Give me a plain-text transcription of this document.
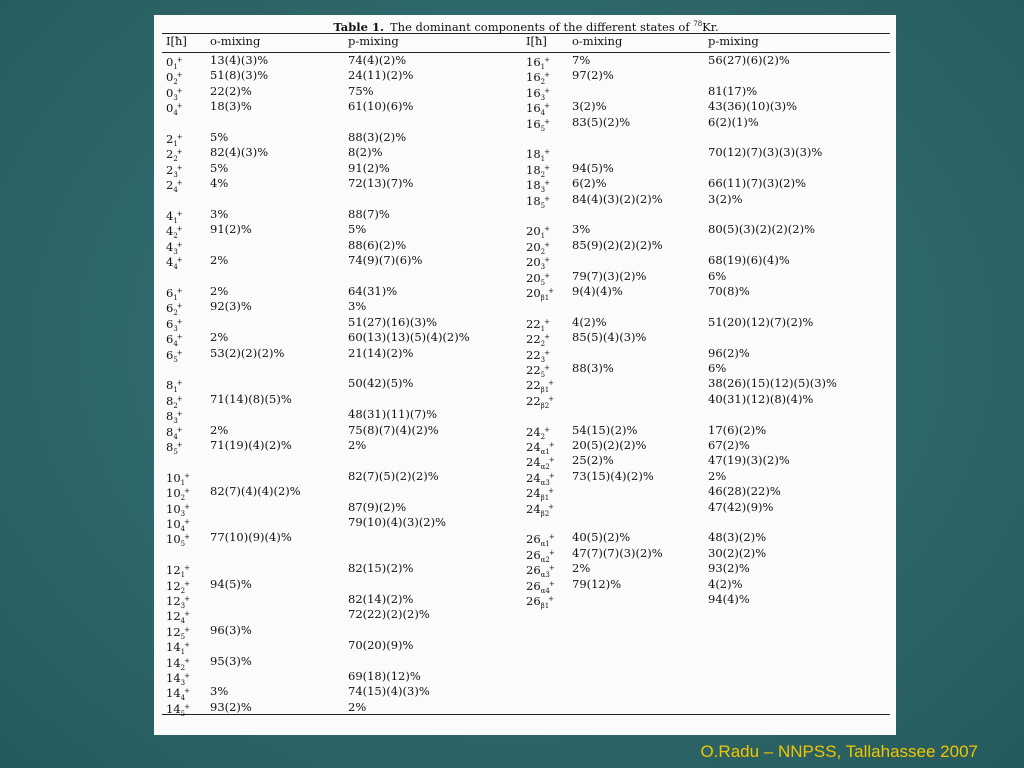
Table 1. The dominant components of the different states of $^{78}$Kr.
I[ħ] o-mixing	p-mixing	I[ħ] o-mixing	p-mixing
$0_1^+$ 13(4)(3)%	74(4)(2)%	$16_1^+$ 7%	56(27)(6)(2)%
$0_2^+$ 51(8)(3)%	24(11)(2)%	$16_2^+$ 97(2)%
$0_3^+$ 22(2)%	75%	$16_3^+$	81(17)%
$0_4^+$ 18(3)%	61(10)(6)%	$16_4^+$ 3(2)%	43(36)(10)(3)%
$16_5^+$ 83(5)(2)%	6(2)(1)%
$2_1^+$ 5%	88(3)(2)%
$2_2^+$ 82(4)(3)%	8(2)%	$18_1^+$	70(12)(7)(3)(3)(3)%
$2_3^+$ 5%	91(2)%	$18_2^+$ 94(5)%
$2_4^+$ 4%	72(13)(7)%	$18_3^+$ 6(2)%	66(11)(7)(3)(2)%
$18_5^+$ 84(4)(3)(2)(2)%	3(2)%
$4_1^+$ 3%	88(7)%
$4_2^+$ 91(2)%	5%	$20_1^+$ 3%	80(5)(3)(2)(2)(2)%
$4_3^+$	88(6)(2)%	$20_2^+$ 85(9)(2)(2)(2)%
$4_4^+$ 2%	74(9)(7)(6)%	$20_3^+$	68(19)(6)(4)%
$20_5^+$ 79(7)(3)(2)%	6%
$6_1^+$ 2%	64(31)%	$20_{\beta 1}^+$ 9(4)(4)%	70(8)%
$6_2^+$ 92(3)%	3%
$6_3^+$	51(27)(16)(3)%	$22_1^+$ 4(2)%	51(20)(12)(7)(2)%
$6_4^+$ 2%	60(13)(13)(5)(4)(2)%	$22_2^+$ 85(5)(4)(3)%
$6_5^+$ 53(2)(2)(2)%	21(14)(2)%	$22_3^+$	96(2)%
$22_5^+$ 88(3)%	6%
$8_1^+$	50(42)(5)%	$22_{\beta 1}^+$	38(26)(15)(12)(5)(3)%
$8_2^+$ 71(14)(8)(5)%	$22_{\beta 2}^+$	40(31)(12)(8)(4)%
$8_3^+$	48(31)(11)(7)%
$8_4^+$ 2%	75(8)(7)(4)(2)%	$24_2^+$ 54(15)(2)%	17(6)(2)%
$8_5^+$ 71(19)(4)(2)%	2%	$24_{\alpha 1}^+$ 20(5)(2)(2)%	67(2)%
$24_{\alpha 2}^+$ 25(2)%	47(19)(3)(2)%
$10_1^+$	82(7)(5)(2)(2)%	$24_{\alpha 3}^+$ 73(15)(4)(2)%	2%
$10_2^+$ 82(7)(4)(4)(2)%	$24_{\beta 1}^+$	46(28)(22)%
$10_3^+$	87(9)(2)%	$24_{\beta 2}^+$	47(42)(9)%
$10_4^+$	79(10)(4)(3)(2)%
$10_5^+$ 77(10)(9)(4)%	$26_{\alpha 1}^+$ 40(5)(2)%	48(3)(2)%
$26_{\alpha 2}^+$ 47(7)(7)(3)(2)%	30(2)(2)%
$12_1^+$	82(15)(2)%	$26_{\alpha 3}^+$ 2%	93(2)%
$12_2^+$ 94(5)%	$26_{\alpha 4}^+$ 79(12)%	4(2)%
$12_3^+$	82(14)(2)%	$26_{\beta 1}^+$	94(4)%
$12_4^+$	72(22)(2)(2)%
$12_5^+$ 96(3)%
$14_1^+$	70(20)(9)%
$14_2^+$ 95(3)%
$14_3^+$	69(18)(12)%
$14_4^+$ 3%	74(15)(4)(3)%
$14_5^+$ 93(2)%	2%
O.Radu – NNPSS, Tallahassee 2007
